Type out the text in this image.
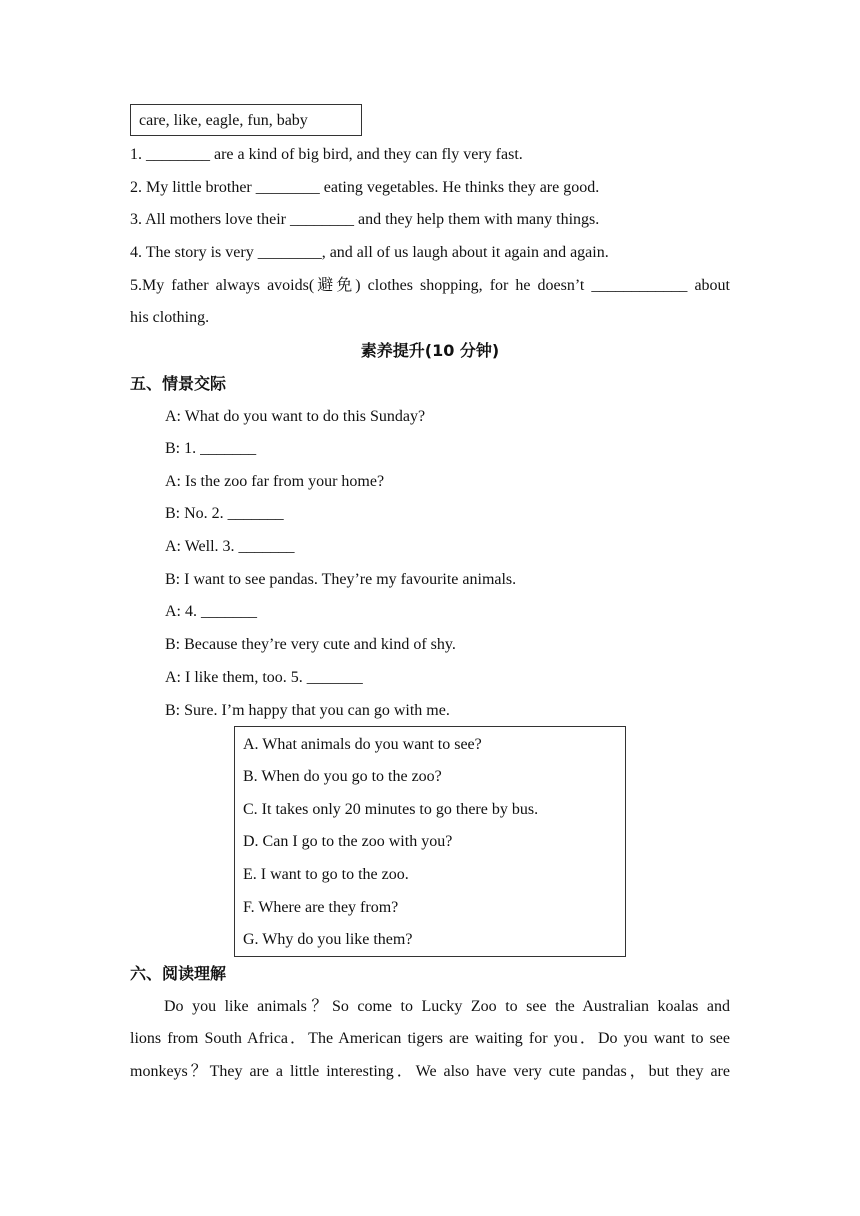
care, like, eagle, fun, baby
1. ________ are a kind of big bird, and they can fly very fast.
2. My little brother ________ eating vegetables. He thinks they are good.
3. All mothers love their ________ and they help them with many things.
4. The story is very ________, and all of us laugh about it again and again.
5.My father always avoids(避免) clothes shopping, for he doesn’t ____________ about
his clothing.
素养提升(10 分钟)
五、情景交际
A: What do you want to do this Sunday?
B: 1. _______
A: Is the zoo far from your home?
B: No. 2. _______
A: Well. 3. _______
B: I want to see pandas. They’re my favourite animals.
A: 4. _______
B: Because they’re very cute and kind of shy.
A: I like them, too. 5. _______
B: Sure. I’m happy that you can go with me.
A. What animals do you want to see?
B. When do you go to the zoo?
C. It takes only 20 minutes to go there by bus.
D. Can I go to the zoo with you?
E. I want to go to the zoo.
F. Where are they from?
G. Why do you like them?
六、阅读理解
Do you like animals？So come to Lucky Zoo to see the Australian koalas and
lions from South Africa．The American tigers are waiting for you．Do you want to see
monkeys？They are a little interesting．We also have very cute pandas，but they are
